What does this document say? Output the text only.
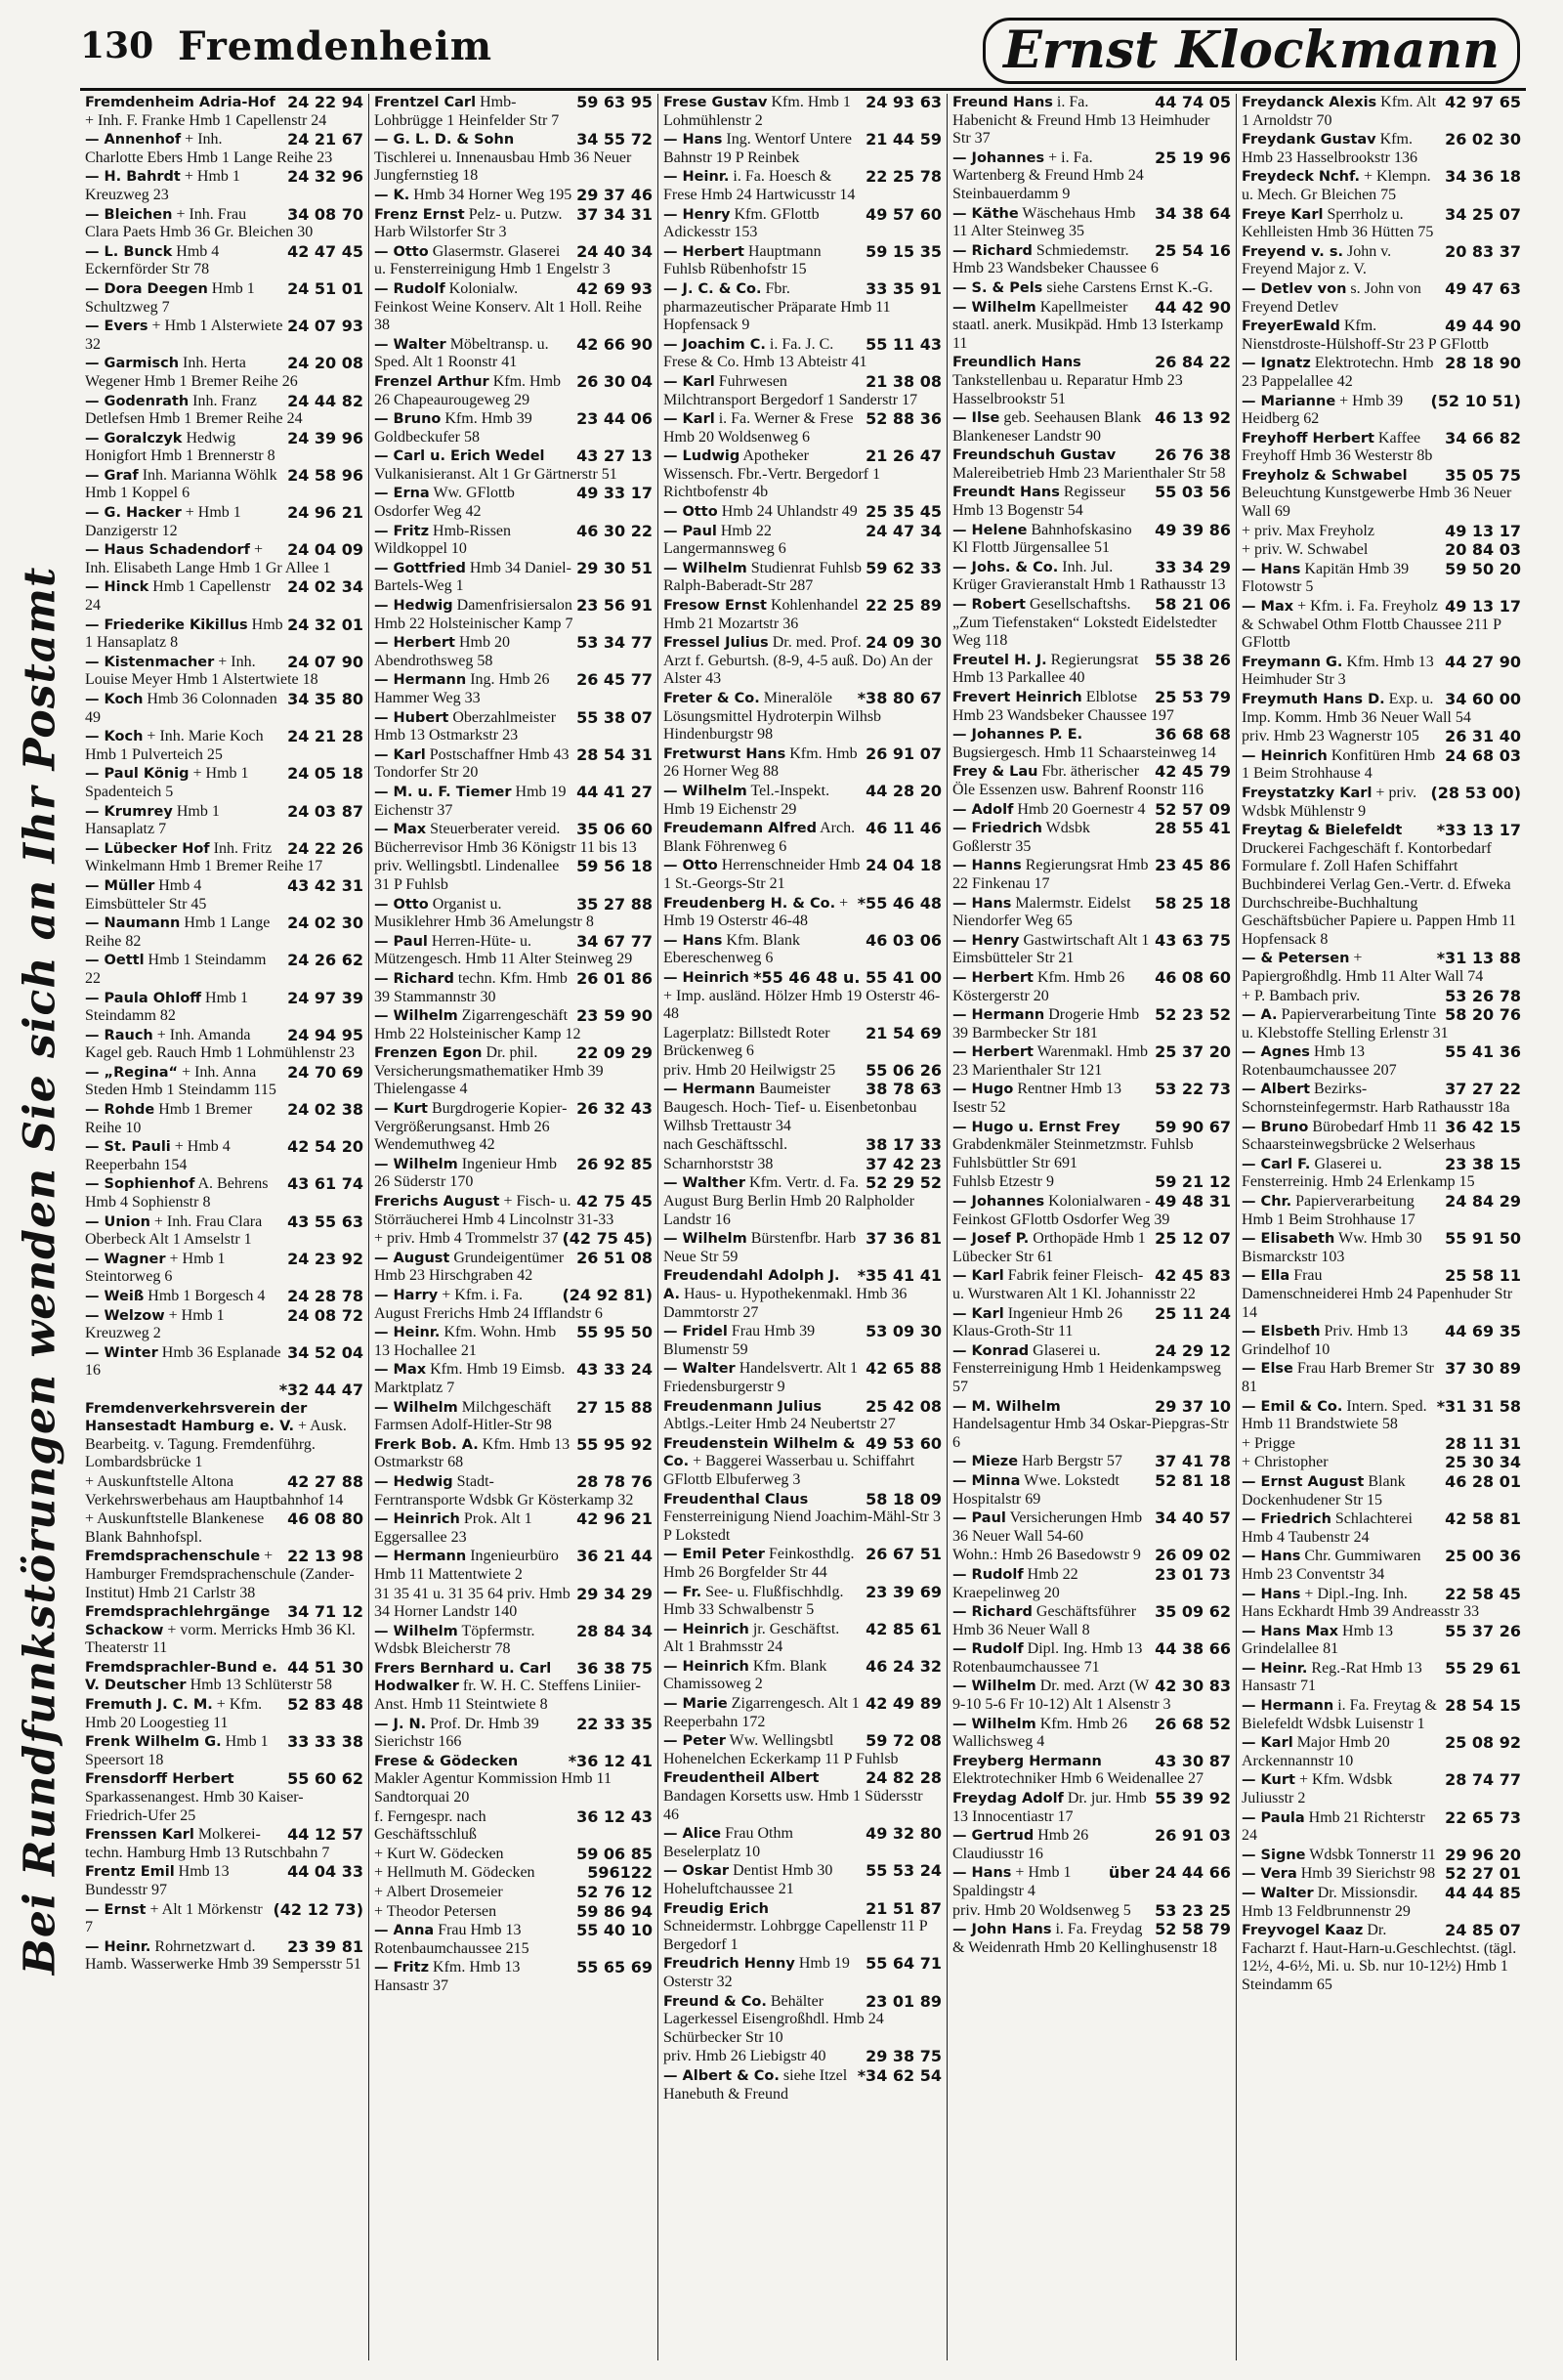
130 Fremdenheim	Ernst Klockmann
Bei Rundfunkstörungen wenden Sie sich an Ihr Postamt
24 22 94
Fremdenheim Adria-Hof + Inh. F. Franke Hmb 1 Capellenstr 24
24 21 67
— Annenhof + Inh. Charlotte Ebers Hmb 1 Lange Reihe 23
24 32 96
— H. Bahrdt + Hmb 1 Kreuzweg 23
34 08 70
— Bleichen + Inh. Frau Clara Paets Hmb 36 Gr. Bleichen 30
42 47 45
— L. Bunck Hmb 4 Eckernförder Str 78
24 51 01
— Dora Deegen Hmb 1 Schultzweg 7
24 07 93
— Evers + Hmb 1 Alsterwiete 32
24 20 08
— Garmisch Inh. Herta Wegener Hmb 1 Bremer Reihe 26
24 44 82
— Godenrath Inh. Franz Detlefsen Hmb 1 Bremer Reihe 24
24 39 96
— Goralczyk Hedwig Honigfort Hmb 1 Brennerstr 8
24 58 96
— Graf Inh. Marianna Wöhlk Hmb 1 Koppel 6
24 96 21
— G. Hacker + Hmb 1 Danzigerstr 12
24 04 09
— Haus Schadendorf + Inh. Elisabeth Lange Hmb 1 Gr Allee 1
24 02 34
— Hinck Hmb 1 Capellenstr 24
24 32 01
— Friederike Kikillus Hmb 1 Hansaplatz 8
24 07 90
— Kistenmacher + Inh. Louise Meyer Hmb 1 Alstertwiete 18
34 35 80
— Koch Hmb 36 Colonnaden 49
24 21 28
— Koch + Inh. Marie Koch Hmb 1 Pulverteich 25
24 05 18
— Paul König + Hmb 1 Spadenteich 5
24 03 87
— Krumrey Hmb 1 Hansaplatz 7
24 22 26
— Lübecker Hof Inh. Fritz Winkelmann Hmb 1 Bremer Reihe 17
43 42 31
— Müller Hmb 4 Eimsbütteler Str 45
24 02 30
— Naumann Hmb 1 Lange Reihe 82
24 26 62
— Oettl Hmb 1 Steindamm 22
24 97 39
— Paula Ohloff Hmb 1 Steindamm 82
24 94 95
— Rauch + Inh. Amanda Kagel geb. Rauch Hmb 1 Lohmühlenstr 23
24 70 69
— „Regina“ + Inh. Anna Steden Hmb 1 Steindamm 115
24 02 38
— Rohde Hmb 1 Bremer Reihe 10
42 54 20
— St. Pauli + Hmb 4 Reeperbahn 154
43 61 74
— Sophienhof A. Behrens Hmb 4 Sophienstr 8
43 55 63
— Union + Inh. Frau Clara Oberbeck Alt 1 Amselstr 1
24 23 92
— Wagner + Hmb 1 Steintorweg 6
24 28 78
— Weiß Hmb 1 Borgesch 4
24 08 72
— Welzow + Hmb 1 Kreuzweg 2
34 52 04
— Winter Hmb 36 Esplanade 16
*32 44 47
Fremdenverkehrsverein der Hansestadt Hamburg e. V. + Ausk. Bearbeitg. v. Tagung. Fremdenführg. Lombardsbrücke 1
42 27 88
+ Auskunftstelle Altona Verkehrswerbehaus am Hauptbahnhof 14
46 08 80
+ Auskunftstelle Blankenese Blank Bahnhofspl.
22 13 98
Fremdsprachenschule + Hamburger Fremdsprachenschule (Zander-Institut) Hmb 21 Carlstr 38
34 71 12
Fremdsprachlehrgänge Schackow + vorm. Merricks Hmb 36 Kl. Theaterstr 11
44 51 30
Fremdsprachler-Bund e. V. Deutscher Hmb 13 Schlüterstr 58
52 83 48
Fremuth J. C. M. + Kfm. Hmb 20 Loogestieg 11
33 33 38
Frenk Wilhelm G. Hmb 1 Speersort 18
55 60 62
Frensdorff Herbert Sparkassenangest. Hmb 30 Kaiser-Friedrich-Ufer 25
44 12 57
Frenssen Karl Molkerei-techn. Hamburg Hmb 13 Rutschbahn 7
44 04 33
Frentz Emil Hmb 13 Bundesstr 97
(42 12 73)
— Ernst + Alt 1 Mörkenstr 7
23 39 81
— Heinr. Rohrnetzwart d. Hamb. Wasserwerke Hmb 39 Sempersstr 51
59 63 95
Frentzel Carl Hmb-Lohbrügge 1 Heinfelder Str 7
34 55 72
— G. L. D. & Sohn Tischlerei u. Innenausbau Hmb 36 Neuer Jungfernstieg 18
29 37 46
— K. Hmb 34 Horner Weg 195
37 34 31
Frenz Ernst Pelz- u. Putzw. Harb Wilstorfer Str 3
24 40 34
— Otto Glasermstr. Glaserei u. Fensterreinigung Hmb 1 Engelstr 3
42 69 93
— Rudolf Kolonialw. Feinkost Weine Konserv. Alt 1 Holl. Reihe 38
42 66 90
— Walter Möbeltransp. u. Sped. Alt 1 Roonstr 41
26 30 04
Frenzel Arthur Kfm. Hmb 26 Chapeaurougeweg 29
23 44 06
— Bruno Kfm. Hmb 39 Goldbeckufer 58
43 27 13
— Carl u. Erich Wedel Vulkanisieranst. Alt 1 Gr Gärtnerstr 51
49 33 17
— Erna Ww. GFlottb Osdorfer Weg 42
46 30 22
— Fritz Hmb-Rissen Wildkoppel 10
29 30 51
— Gottfried Hmb 34 Daniel-Bartels-Weg 1
23 56 91
— Hedwig Damenfrisiersalon Hmb 22 Holsteinischer Kamp 7
53 34 77
— Herbert Hmb 20 Abendrothsweg 58
26 45 77
— Hermann Ing. Hmb 26 Hammer Weg 33
55 38 07
— Hubert Oberzahlmeister Hmb 13 Ostmarkstr 23
28 54 31
— Karl Postschaffner Hmb 43 Tondorfer Str 20
44 41 27
— M. u. F. Tiemer Hmb 19 Eichenstr 37
35 06 60
— Max Steuerberater vereid. Bücherrevisor Hmb 36 Königstr 11 bis 13
59 56 18
priv. Wellingsbtl. Lindenallee 31 P Fuhlsb
35 27 88
— Otto Organist u. Musiklehrer Hmb 36 Amelungstr 8
34 67 77
— Paul Herren-Hüte- u. Mützengesch. Hmb 11 Alter Steinweg 29
26 01 86
— Richard techn. Kfm. Hmb 39 Stammannstr 30
23 59 90
— Wilhelm Zigarrengeschäft Hmb 22 Holsteinischer Kamp 12
22 09 29
Frenzen Egon Dr. phil. Versicherungsmathematiker Hmb 39 Thielengasse 4
26 32 43
— Kurt Burgdrogerie Kopier-Vergrößerungsanst. Hmb 26 Wendemuthweg 42
26 92 85
— Wilhelm Ingenieur Hmb 26 Süderstr 170
42 75 45
Frerichs August + Fisch- u. Störräucherei Hmb 4 Lincolnstr 31-33
(42 75 45)
+ priv. Hmb 4 Trommelstr 37
26 51 08
— August Grundeigentümer Hmb 23 Hirschgraben 42
(24 92 81)
— Harry + Kfm. i. Fa. August Frerichs Hmb 24 Ifflandstr 6
55 95 50
— Heinr. Kfm. Wohn. Hmb 13 Hochallee 21
43 33 24
— Max Kfm. Hmb 19 Eimsb. Marktplatz 7
27 15 88
— Wilhelm Milchgeschäft Farmsen Adolf-Hitler-Str 98
55 95 92
Frerk Bob. A. Kfm. Hmb 13 Ostmarkstr 68
28 78 76
— Hedwig Stadt-Ferntransporte Wdsbk Gr Kösterkamp 32
42 96 21
— Heinrich Prok. Alt 1 Eggersallee 23
36 21 44
— Hermann Ingenieurbüro Hmb 11 Mattentwiete 2
29 34 29
31 35 41 u. 31 35 64 priv. Hmb 34 Horner Landstr 140
28 84 34
— Wilhelm Töpfermstr. Wdsbk Bleicherstr 78
36 38 75
Frers Bernhard u. Carl Hodwalker fr. W. H. C. Steffens Liniier-Anst. Hmb 11 Steintwiete 8
22 33 35
— J. N. Prof. Dr. Hmb 39 Sierichstr 166
*36 12 41
Frese & Gödecken Makler Agentur Kommission Hmb 11 Sandtorquai 20
36 12 43
f. Ferngespr. nach Geschäftsschluß
59 06 85
+ Kurt W. Gödecken
596122
+ Hellmuth M. Gödecken
52 76 12
+ Albert Drosemeier
59 86 94
+ Theodor Petersen
55 40 10
— Anna Frau Hmb 13 Rotenbaumchaussee 215
55 65 69
— Fritz Kfm. Hmb 13 Hansastr 37
24 93 63
Frese Gustav Kfm. Hmb 1 Lohmühlenstr 2
21 44 59
— Hans Ing. Wentorf Untere Bahnstr 19 P Reinbek
22 25 78
— Heinr. i. Fa. Hoesch & Frese Hmb 24 Hartwicusstr 14
49 57 60
— Henry Kfm. GFlottb Adickesstr 153
59 15 35
— Herbert Hauptmann Fuhlsb Rübenhofstr 15
33 35 91
— J. C. & Co. Fbr. pharmazeutischer Präparate Hmb 11 Hopfensack 9
55 11 43
— Joachim C. i. Fa. J. C. Frese & Co. Hmb 13 Abteistr 41
21 38 08
— Karl Fuhrwesen Milchtransport Bergedorf 1 Sanderstr 17
52 88 36
— Karl i. Fa. Werner & Frese Hmb 20 Woldsenweg 6
21 26 47
— Ludwig Apotheker Wissensch. Fbr.-Vertr. Bergedorf 1 Richtbofenstr 4b
25 35 45
— Otto Hmb 24 Uhlandstr 49
24 47 34
— Paul Hmb 22 Langermannsweg 6
59 62 33
— Wilhelm Studienrat Fuhlsb Ralph-Baberadt-Str 287
22 25 89
Fresow Ernst Kohlenhandel Hmb 21 Mozartstr 36
24 09 30
Fressel Julius Dr. med. Prof. Arzt f. Geburtsh. (8-9, 4-5 auß. Do) An der Alster 43
*38 80 67
Freter & Co. Mineralöle Lösungsmittel Hydroterpin Wilhsb Hindenburgstr 98
26 91 07
Fretwurst Hans Kfm. Hmb 26 Horner Weg 88
44 28 20
— Wilhelm Tel.-Inspekt. Hmb 19 Eichenstr 29
46 11 46
Freudemann Alfred Arch. Blank Föhrenweg 6
24 04 18
— Otto Herrenschneider Hmb 1 St.-Georgs-Str 21
*55 46 48
Freudenberg H. & Co. + Hmb 19 Osterstr 46-48
46 03 06
— Hans Kfm. Blank Ebereschenweg 6
*55 46 48 u. 55 41 00
— Heinrich + Imp. ausländ. Hölzer Hmb 19 Osterstr 46-48
21 54 69
Lagerplatz: Billstedt Roter Brückenweg 6
55 06 26
priv. Hmb 20 Heilwigstr 25
38 78 63
— Hermann Baumeister Baugesch. Hoch- Tief- u. Eisenbetonbau Wilhsb Trettaustr 34
38 17 33
nach Geschäftsschl.
37 42 23
Scharnhorststr 38
52 29 52
— Walther Kfm. Vertr. d. Fa. August Burg Berlin Hmb 20 Ralpholder Landstr 16
37 36 81
— Wilhelm Bürstenfbr. Harb Neue Str 59
*35 41 41
Freudendahl Adolph J. A. Haus- u. Hypothekenmakl. Hmb 36 Dammtorstr 27
53 09 30
— Fridel Frau Hmb 39 Blumenstr 59
42 65 88
— Walter Handelsvertr. Alt 1 Friedensburgerstr 9
25 42 08
Freudenmann Julius Abtlgs.-Leiter Hmb 24 Neubertstr 27
49 53 60
Freudenstein Wilhelm & Co. + Baggerei Wasserbau u. Schiffahrt GFlottb Elbuferweg 3
58 18 09
Freudenthal Claus Fensterreinigung Niend Joachim-Mähl-Str 3 P Lokstedt
26 67 51
— Emil Peter Feinkosthdlg. Hmb 26 Borgfelder Str 44
23 39 69
— Fr. See- u. Flußfischhdlg. Hmb 33 Schwalbenstr 5
42 85 61
— Heinrich jr. Geschäftst. Alt 1 Brahmsstr 24
46 24 32
— Heinrich Kfm. Blank Chamissoweg 2
42 49 89
— Marie Zigarrengesch. Alt 1 Reeperbahn 172
59 72 08
— Peter Ww. Wellingsbtl Hohenelchen Eckerkamp 11 P Fuhlsb
24 82 28
Freudentheil Albert Bandagen Korsetts usw. Hmb 1 Südersstr 46
49 32 80
— Alice Frau Othm Beselerplatz 10
55 53 24
— Oskar Dentist Hmb 30 Hoheluftchaussee 21
21 51 87
Freudig Erich Schneidermstr. Lohbrgge Capellenstr 11 P Bergedorf 1
55 64 71
Freudrich Henny Hmb 19 Osterstr 32
23 01 89
Freund & Co. Behälter Lagerkessel Eisengroßhdl. Hmb 24 Schürbecker Str 10
29 38 75
priv. Hmb 26 Liebigstr 40
*34 62 54
— Albert & Co. siehe Itzel Hanebuth & Freund
44 74 05
Freund Hans i. Fa. Habenicht & Freund Hmb 13 Heimhuder Str 37
25 19 96
— Johannes + i. Fa. Wartenberg & Freund Hmb 24 Steinbauerdamm 9
34 38 64
— Käthe Wäschehaus Hmb 11 Alter Steinweg 35
25 54 16
— Richard Schmiedemstr. Hmb 23 Wandsbeker Chaussee 6
— S. & Pels siehe Carstens Ernst K.-G.
44 42 90
— Wilhelm Kapellmeister staatl. anerk. Musikpäd. Hmb 13 Isterkamp 11
26 84 22
Freundlich Hans Tankstellenbau u. Reparatur Hmb 23 Hasselbrookstr 51
46 13 92
— Ilse geb. Seehausen Blank Blankeneser Landstr 90
26 76 38
Freundschuh Gustav Malereibetrieb Hmb 23 Marienthaler Str 58
55 03 56
Freundt Hans Regisseur Hmb 13 Bogenstr 54
49 39 86
— Helene Bahnhofskasino Kl Flottb Jürgensallee 51
33 34 29
— Johs. & Co. Inh. Jul. Krüger Gravieranstalt Hmb 1 Rathausstr 13
58 21 06
— Robert Gesellschaftshs. „Zum Tiefenstaken“ Lokstedt Eidelstedter Weg 118
55 38 26
Freutel H. J. Regierungsrat Hmb 13 Parkallee 40
25 53 79
Frevert Heinrich Elblotse Hmb 23 Wandsbeker Chaussee 197
36 68 68
— Johannes P. E. Bugsiergesch. Hmb 11 Schaarsteinweg 14
42 45 79
Frey & Lau Fbr. ätherischer Öle Essenzen usw. Bahrenf Roonstr 116
52 57 09
— Adolf Hmb 20 Goernestr 4
28 55 41
— Friedrich Wdsbk Goßlerstr 35
23 45 86
— Hanns Regierungsrat Hmb 22 Finkenau 17
58 25 18
— Hans Malermstr. Eidelst Niendorfer Weg 65
43 63 75
— Henry Gastwirtschaft Alt 1 Eimsbütteler Str 21
46 08 60
— Herbert Kfm. Hmb 26 Köstergerstr 20
52 23 52
— Hermann Drogerie Hmb 39 Barmbecker Str 181
25 37 20
— Herbert Warenmakl. Hmb 23 Marienthaler Str 121
53 22 73
— Hugo Rentner Hmb 13 Isestr 52
59 90 67
— Hugo u. Ernst Frey Grabdenkmäler Steinmetzmstr. Fuhlsb Fuhlsbüttler Str 691
59 21 12
Fuhlsb Etzestr 9
49 48 31
— Johannes Kolonialwaren - Feinkost GFlottb Osdorfer Weg 39
25 12 07
— Josef P. Orthopäde Hmb 1 Lübecker Str 61
42 45 83
— Karl Fabrik feiner Fleisch- u. Wurstwaren Alt 1 Kl. Johannisstr 22
25 11 24
— Karl Ingenieur Hmb 26 Klaus-Groth-Str 11
24 29 12
— Konrad Glaserei u. Fensterreinigung Hmb 1 Heidenkampsweg 57
29 37 10
— M. Wilhelm Handelsagentur Hmb 34 Oskar-Piepgras-Str 6
37 41 78
— Mieze Harb Bergstr 57
52 81 18
— Minna Wwe. Lokstedt Hospitalstr 69
34 40 57
— Paul Versicherungen Hmb 36 Neuer Wall 54-60
26 09 02
Wohn.: Hmb 26 Basedowstr 9
23 01 73
— Rudolf Hmb 22 Kraepelinweg 20
35 09 62
— Richard Geschäftsführer Hmb 36 Neuer Wall 8
44 38 66
— Rudolf Dipl. Ing. Hmb 13 Rotenbaumchaussee 71
42 30 83
— Wilhelm Dr. med. Arzt (W 9-10 5-6 Fr 10-12) Alt 1 Alsenstr 3
26 68 52
— Wilhelm Kfm. Hmb 26 Wallichsweg 4
43 30 87
Freyberg Hermann Elektrotechniker Hmb 6 Weidenallee 27
55 39 92
Freydag Adolf Dr. jur. Hmb 13 Innocentiastr 17
26 91 03
— Gertrud Hmb 26 Claudiusstr 16
über 24 44 66
— Hans + Hmb 1 Spaldingstr 4
53 23 25
priv. Hmb 20 Woldsenweg 5
52 58 79
— John Hans i. Fa. Freydag & Weidenrath Hmb 20 Kellinghusenstr 18
42 97 65
Freydanck Alexis Kfm. Alt 1 Arnoldstr 70
26 02 30
Freydank Gustav Kfm. Hmb 23 Hasselbrookstr 136
34 36 18
Freydeck Nchf. + Klempn. u. Mech. Gr Bleichen 75
34 25 07
Freye Karl Sperrholz u. Kehlleisten Hmb 36 Hütten 75
20 83 37
Freyend v. s. John v. Freyend Major z. V.
49 47 63
— Detlev von s. John von Freyend Detlev
49 44 90
FreyerEwald Kfm. Nienstdroste-Hülshoff-Str 23 P GFlottb
28 18 90
— Ignatz Elektrotechn. Hmb 23 Pappelallee 42
(52 10 51)
— Marianne + Hmb 39 Heidberg 62
34 66 82
Freyhoff Herbert Kaffee Freyhoff Hmb 36 Westerstr 8b
35 05 75
Freyholz & Schwabel Beleuchtung Kunstgewerbe Hmb 36 Neuer Wall 69
49 13 17
+ priv. Max Freyholz
20 84 03
+ priv. W. Schwabel
59 50 20
— Hans Kapitän Hmb 39 Flotowstr 5
49 13 17
— Max + Kfm. i. Fa. Freyholz & Schwabel Othm Flottb Chaussee 211 P GFlottb
44 27 90
Freymann G. Kfm. Hmb 13 Heimhuder Str 3
34 60 00
Freymuth Hans D. Exp. u. Imp. Komm. Hmb 36 Neuer Wall 54
26 31 40
priv. Hmb 23 Wagnerstr 105
24 68 03
— Heinrich Konfitüren Hmb 1 Beim Strohhause 4
(28 53 00)
Freystatzky Karl + priv. Wdsbk Mühlenstr 9
*33 13 17
Freytag & Bielefeldt Druckerei Fachgeschäft f. Kontorbedarf Formulare f. Zoll Hafen Schiffahrt Buchbinderei Verlag Gen.-Vertr. d. Efweka Durchschreibe-Buchhaltung Geschäftsbücher Papiere u. Pappen Hmb 11 Hopfensack 8
*31 13 88
— & Petersen + Papiergroßhdlg. Hmb 11 Alter Wall 74
53 26 78
+ P. Bambach priv.
58 20 76
— A. Papierverarbeitung Tinte u. Klebstoffe Stelling Erlenstr 31
55 41 36
— Agnes Hmb 13 Rotenbaumchaussee 207
37 27 22
— Albert Bezirks-Schornsteinfegermstr. Harb Rathausstr 18a
36 42 15
— Bruno Bürobedarf Hmb 11 Schaarsteinwegsbrücke 2 Welserhaus
23 38 15
— Carl F. Glaserei u. Fensterreinig. Hmb 24 Erlenkamp 15
24 84 29
— Chr. Papierverarbeitung Hmb 1 Beim Strohhause 17
55 91 50
— Elisabeth Ww. Hmb 30 Bismarckstr 103
25 58 11
— Ella Frau Damenschneiderei Hmb 24 Papenhuder Str 14
44 69 35
— Elsbeth Priv. Hmb 13 Grindelhof 10
37 30 89
— Else Frau Harb Bremer Str 81
*31 31 58
— Emil & Co. Intern. Sped. Hmb 11 Brandstwiete 58
28 11 31
+ Prigge
25 30 34
+ Christopher
46 28 01
— Ernst August Blank Dockenhudener Str 15
42 58 81
— Friedrich Schlachterei Hmb 4 Taubenstr 24
25 00 36
— Hans Chr. Gummiwaren Hmb 23 Conventstr 34
22 58 45
— Hans + Dipl.-Ing. Inh. Hans Eckhardt Hmb 39 Andreasstr 33
55 37 26
— Hans Max Hmb 13 Grindelallee 81
55 29 61
— Heinr. Reg.-Rat Hmb 13 Hansastr 71
28 54 15
— Hermann i. Fa. Freytag & Bielefeldt Wdsbk Luisenstr 1
25 08 92
— Karl Major Hmb 20 Arckennannstr 10
28 74 77
— Kurt + Kfm. Wdsbk Juliusstr 2
22 65 73
— Paula Hmb 21 Richterstr 24
29 96 20
— Signe Wdsbk Tonnerstr 11
52 27 01
— Vera Hmb 39 Sierichstr 98
44 44 85
— Walter Dr. Missionsdir. Hmb 13 Feldbrunnenstr 29
24 85 07
Freyvogel Kaaz Dr. Facharzt f. Haut-Harn-u.Geschlechtst. (tägl. 12½, 4-6½, Mi. u. Sb. nur 10-12½) Hmb 1 Steindamm 65
